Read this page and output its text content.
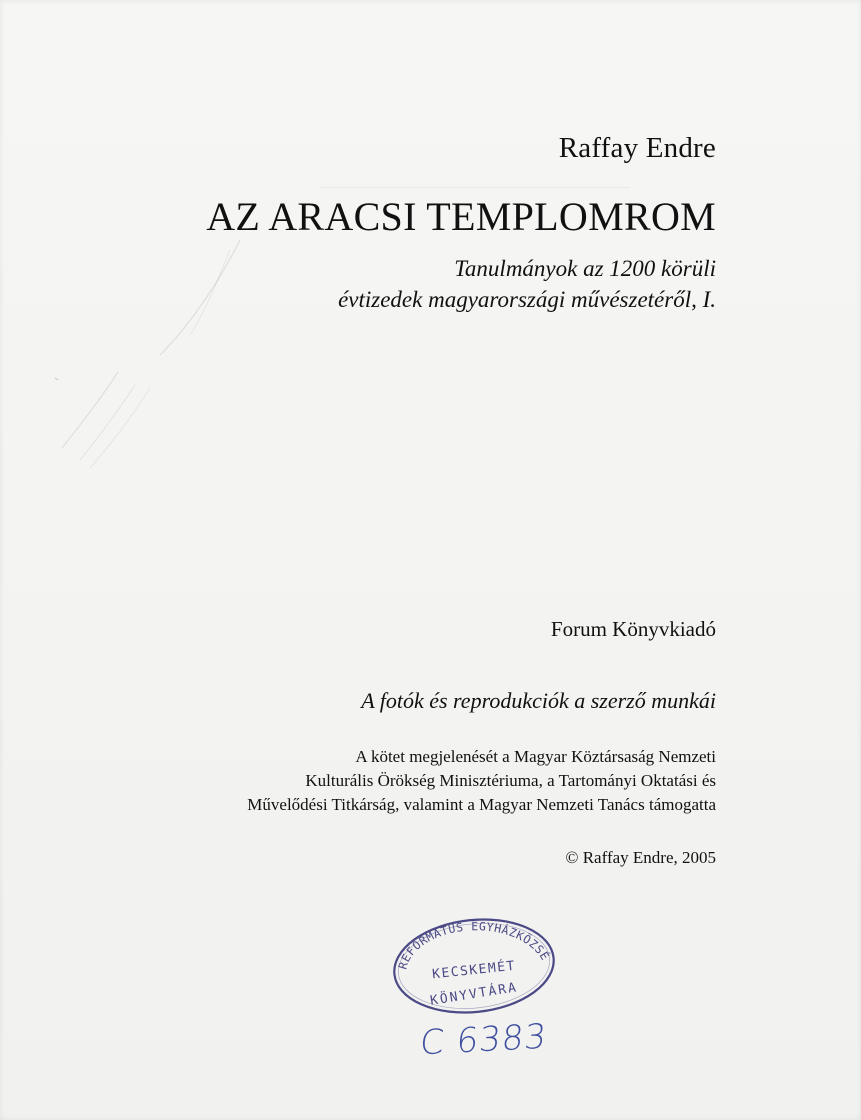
Raffay Endre
AZ ARACSI TEMPLOMROM
Tanulmányok az 1200 körüli
évtizedek magyarországi művészetéről, I.
Forum Könyvkiadó
A fotók és reprodukciók a szerző munkái
A kötet megjelenését a Magyar Köztársaság Nemzeti
Kulturális Örökség Minisztériuma, a Tartományi Oktatási és
Művelődési Titkárság, valamint a Magyar Nemzeti Tanács támogatta
© Raffay Endre, 2005
REFORMATUS EGYHÁZKÖZSÉ
KECSKEMÉT
KÖNYVTÁRA
C 6383
